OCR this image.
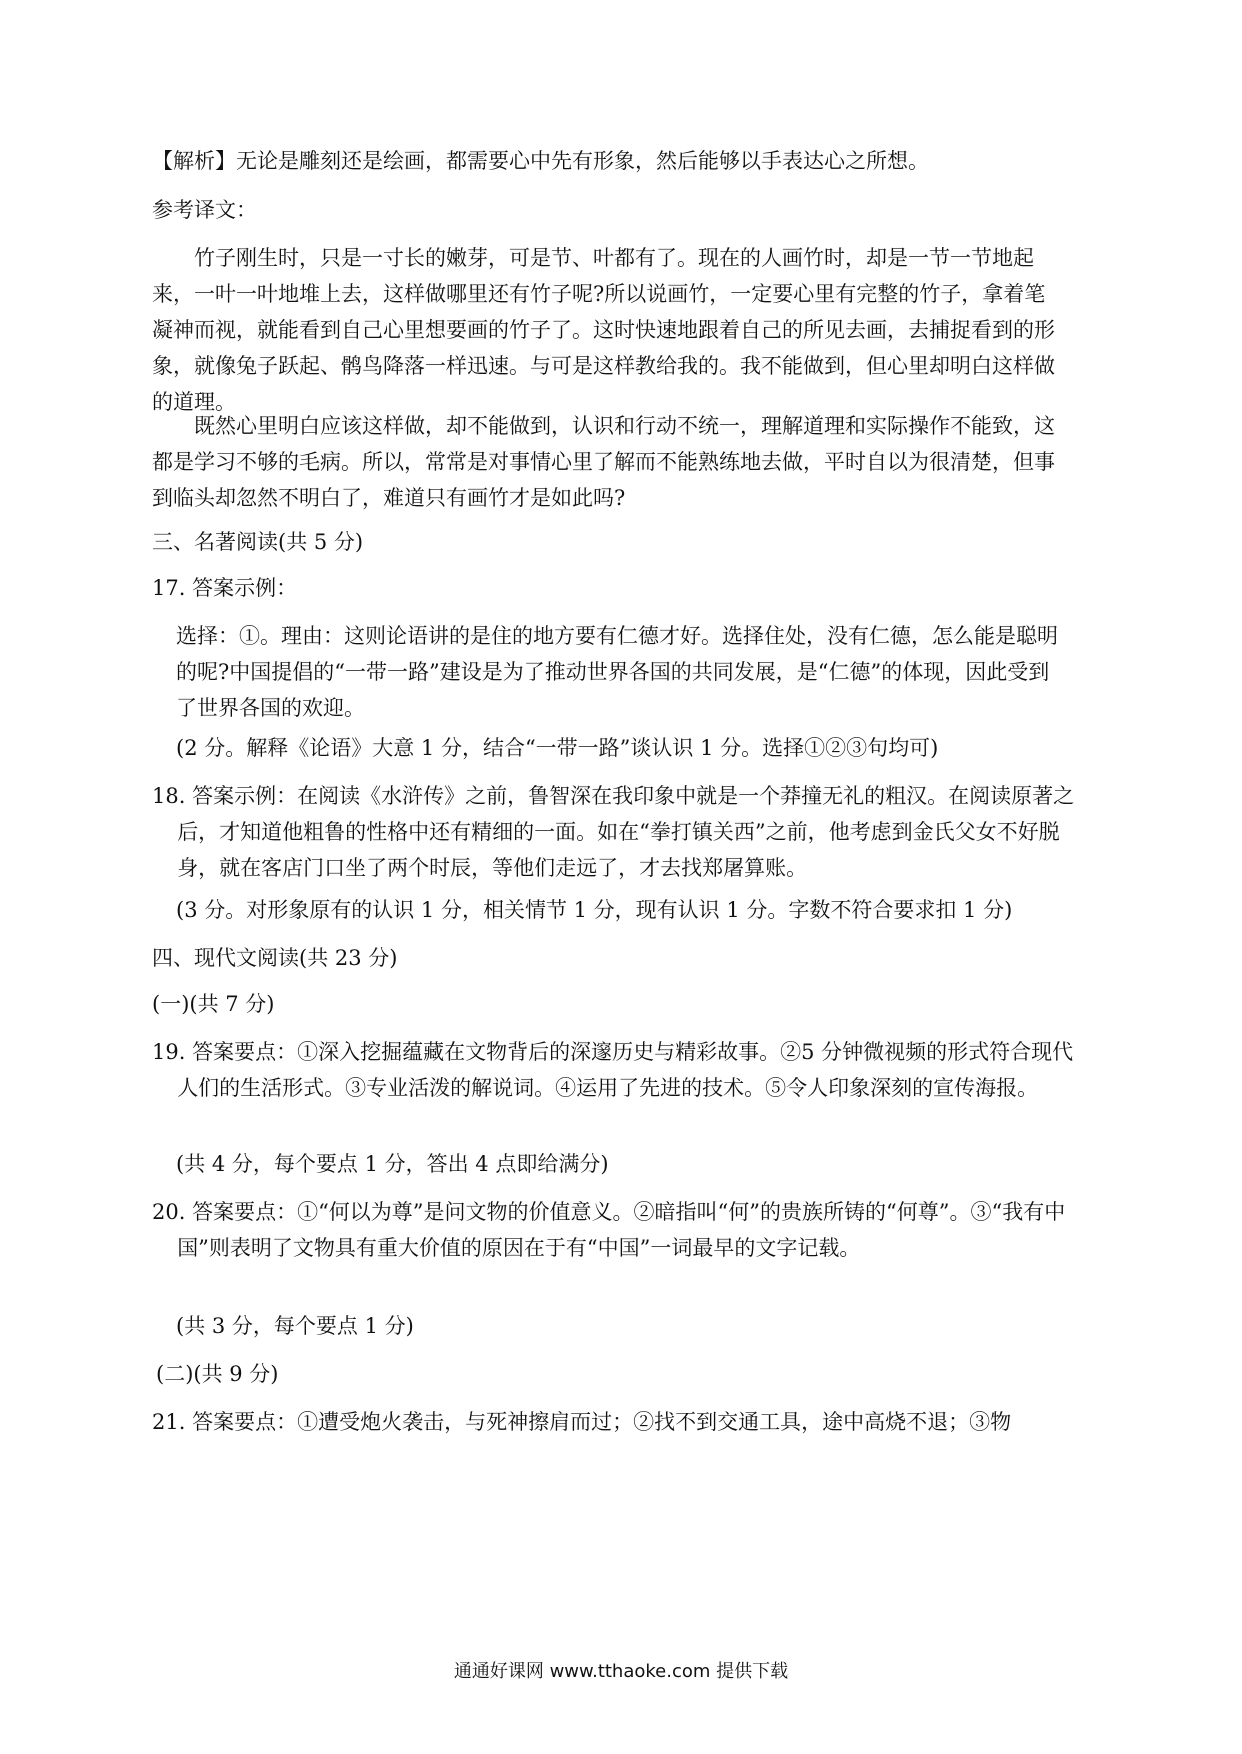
【解析】无论是雕刻还是绘画，都需要心中先有形象，然后能够以手表达心之所想。

参考译文：

竹子刚生时，只是一寸长的嫩芽，可是节、叶都有了。现在的人画竹时，却是一节一节地起来，一叶一叶地堆上去，这样做哪里还有竹子呢?所以说画竹，一定要心里有完整的竹子，拿着笔凝神而视，就能看到自己心里想要画的竹子了。这时快速地跟着自己的所见去画，去捕捉看到的形象，就像兔子跃起、鹘鸟降落一样迅速。与可是这样教给我的。我不能做到，但心里却明白这样做的道理。

既然心里明白应该这样做，却不能做到，认识和行动不统一，理解道理和实际操作不能致，这都是学习不够的毛病。所以，常常是对事情心里了解而不能熟练地去做，平时自以为很清楚，但事到临头却忽然不明白了，难道只有画竹才是如此吗?

三、名著阅读(共 5 分)

17. 答案示例：

选择：①。理由：这则论语讲的是住的地方要有仁德才好。选择住处，没有仁德，怎么能是聪明的呢?中国提倡的“一带一路”建设是为了推动世界各国的共同发展，是“仁德”的体现，因此受到了世界各国的欢迎。

(2 分。解释《论语》大意 1 分，结合“一带一路”谈认识 1 分。选择①②③句均可)

18. 答案示例：在阅读《水浒传》之前，鲁智深在我印象中就是一个莽撞无礼的粗汉。在阅读原著之后，才知道他粗鲁的性格中还有精细的一面。如在“拳打镇关西”之前，他考虑到金氏父女不好脱身，就在客店门口坐了两个时辰，等他们走远了，才去找郑屠算账。

(3 分。对形象原有的认识 1 分，相关情节 1 分，现有认识 1 分。字数不符合要求扣 1 分)

四、现代文阅读(共 23 分)

(一)(共 7 分)

19. 答案要点：①深入挖掘蕴藏在文物背后的深邃历史与精彩故事。②5 分钟微视频的形式符合现代人们的生活形式。③专业活泼的解说词。④运用了先进的技术。⑤令人印象深刻的宣传海报。

(共 4 分，每个要点 1 分，答出 4 点即给满分)

20. 答案要点：①“何以为尊”是问文物的价值意义。②暗指叫“何”的贵族所铸的“何尊”。③“我有中国”则表明了文物具有重大价值的原因在于有“中国”一词最早的文字记载。

(共 3 分，每个要点 1 分)

(二)(共 9 分)

21. 答案要点：①遭受炮火袭击，与死神擦肩而过；②找不到交通工具，途中高烧不退；③物

通通好课网 www.tthaoke.com 提供下载
